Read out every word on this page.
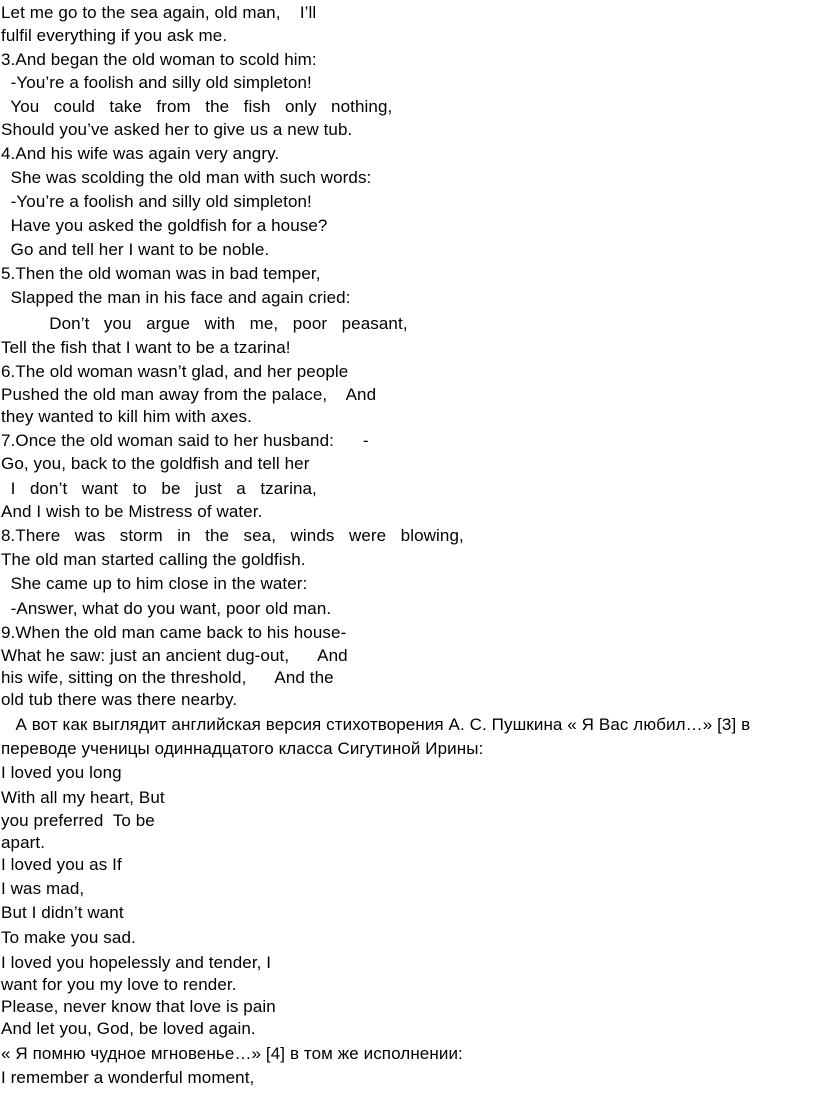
Let me go to the sea again, old man,    I’ll
fulfil everything if you ask me.
3.And began the old woman to scold him:
-You’re a foolish and silly old simpleton!
You   could   take   from   the   fish   only   nothing,
Should you’ve asked her to give us a new tub.
4.And his wife was again very angry.
She was scolding the old man with such words:
-You’re a foolish and silly old simpleton!
Have you asked the goldfish for a house?
Go and tell her I want to be noble.
5.Then the old woman was in bad temper,
Slapped the man in his face and again cried:
Don’t   you   argue   with   me,   poor   peasant,
Tell the fish that I want to be a tzarina!
6.The old woman wasn’t glad, and her people
Pushed the old man away from the palace,    And
they wanted to kill him with axes.
7.Once the old woman said to her husband:      -
Go, you, back to the goldfish and tell her
I   don’t   want   to   be   just   a   tzarina,
And I wish to be Mistress of water.
8.There   was   storm   in   the   sea,   winds   were   blowing,
The old man started calling the goldfish.
She came up to him close in the water:
-Answer, what do you want, poor old man.
9.When the old man came back to his house-
What he saw: just an ancient dug-out,      And
his wife, sitting on the threshold,      And the
old tub there was there nearby.
А вот как выглядит английская версия стихотворения А. С. Пушкина « Я Вас любил…» [3] в
переводе ученицы одиннадцатого класса Сигутиной Ирины:
I loved you long
With all my heart, But
you preferred  To be
apart.
I loved you as If
I was mad,
But I didn’t want
To make you sad.
I loved you hopelessly and tender, I
want for you my love to render.
Please, never know that love is pain
And let you, God, be loved again.
« Я помню чудное мгновенье…» [4] в том же исполнении:
I remember a wonderful moment,
